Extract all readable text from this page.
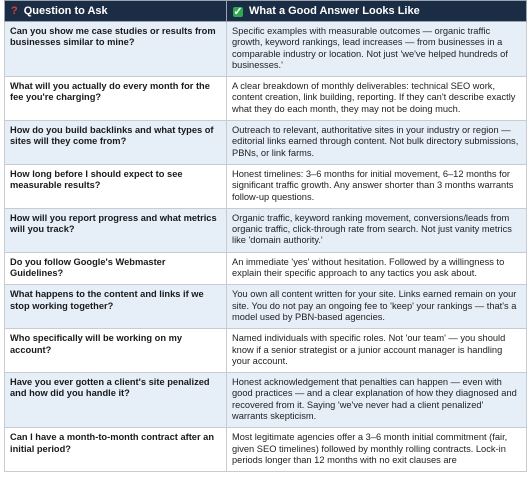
? Question to Ask	✓ What a Good Answer Looks Like
Can you show me case studies or results from businesses similar to mine?	Specific examples with measurable outcomes — organic traffic growth, keyword rankings, lead increases — from businesses in a comparable industry or location. Not just 'we've helped hundreds of businesses.'
What will you actually do every month for the fee you're charging?	A clear breakdown of monthly deliverables: technical SEO work, content creation, link building, reporting. If they can't describe exactly what they do each month, they may not be doing much.
How do you build backlinks and what types of sites will they come from?	Outreach to relevant, authoritative sites in your industry or region — editorial links earned through content. Not bulk directory submissions, PBNs, or link farms.
How long before I should expect to see measurable results?	Honest timelines: 3–6 months for initial movement, 6–12 months for significant traffic growth. Any answer shorter than 3 months warrants follow-up questions.
How will you report progress and what metrics will you track?	Organic traffic, keyword ranking movement, conversions/leads from organic traffic, click-through rate from search. Not just vanity metrics like 'domain authority.'
Do you follow Google's Webmaster Guidelines?	An immediate 'yes' without hesitation. Followed by a willingness to explain their specific approach to any tactics you ask about.
What happens to the content and links if we stop working together?	You own all content written for your site. Links earned remain on your site. You do not pay an ongoing fee to 'keep' your rankings — that's a model used by PBN-based agencies.
Who specifically will be working on my account?	Named individuals with specific roles. Not 'our team' — you should know if a senior strategist or a junior account manager is handling your account.
Have you ever gotten a client's site penalized and how did you handle it?	Honest acknowledgement that penalties can happen — even with good practices — and a clear explanation of how they diagnosed and recovered from it. Saying 'we've never had a client penalized' warrants skepticism.
Can I have a month-to-month contract after an initial period?	Most legitimate agencies offer a 3–6 month initial commitment (fair, given SEO timelines) followed by monthly rolling contracts. Lock-in periods longer than 12 months with no exit clauses are
